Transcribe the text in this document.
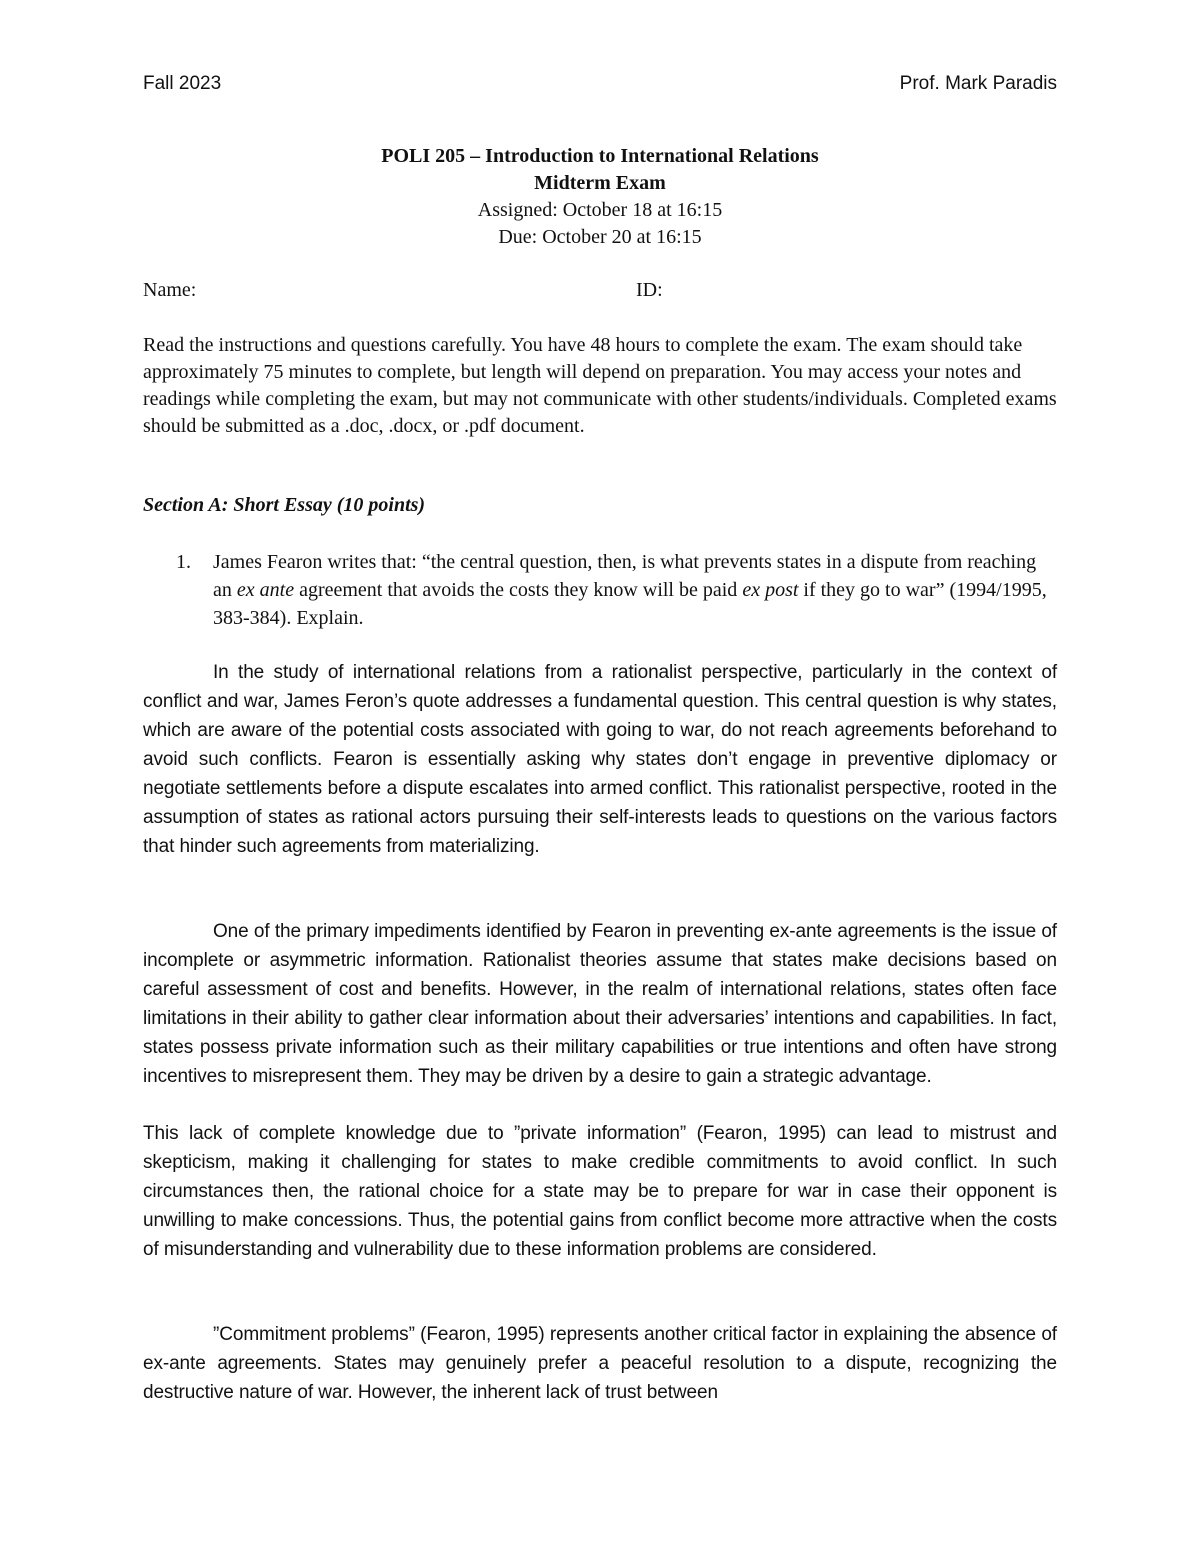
Fall 2023	Prof. Mark Paradis
POLI 205 – Introduction to International Relations
Midterm Exam
Assigned: October 18 at 16:15
Due: October 20 at 16:15
Name:	ID:

Read the instructions and questions carefully. You have 48 hours to complete the exam. The exam should take approximately 75 minutes to complete, but length will depend on preparation. You may access your notes and readings while completing the exam, but may not communicate with other students/individuals. Completed exams should be submitted as a .doc, .docx, or .pdf document.

Section A: Short Essay (10 points)

1. James Fearon writes that: “the central question, then, is what prevents states in a dispute from reaching an ex ante agreement that avoids the costs they know will be paid ex post if they go to war” (1994/1995, 383-384). Explain.

In the study of international relations from a rationalist perspective, particularly in the context of conflict and war, James Feron’s quote addresses a fundamental question. This central question is why states, which are aware of the potential costs associated with going to war, do not reach agreements beforehand to avoid such conflicts. Fearon is essentially asking why states don’t engage in preventive diplomacy or negotiate settlements before a dispute escalates into armed conflict. This rationalist perspective, rooted in the assumption of states as rational actors pursuing their self-interests leads to questions on the various factors that hinder such agreements from materializing.

One of the primary impediments identified by Fearon in preventing ex-ante agreements is the issue of incomplete or asymmetric information. Rationalist theories assume that states make decisions based on careful assessment of cost and benefits. However, in the realm of international relations, states often face limitations in their ability to gather clear information about their adversaries’ intentions and capabilities. In fact, states possess private information such as their military capabilities or true intentions and often have strong incentives to misrepresent them. They may be driven by a desire to gain a strategic advantage.

This lack of complete knowledge due to ”private information” (Fearon, 1995) can lead to mistrust and skepticism, making it challenging for states to make credible commitments to avoid conflict. In such circumstances then, the rational choice for a state may be to prepare for war in case their opponent is unwilling to make concessions. Thus, the potential gains from conflict become more attractive when the costs of misunderstanding and vulnerability due to these information problems are considered.

”Commitment problems” (Fearon, 1995) represents another critical factor in explaining the absence of ex-ante agreements. States may genuinely prefer a peaceful resolution to a dispute, recognizing the destructive nature of war. However, the inherent lack of trust between
